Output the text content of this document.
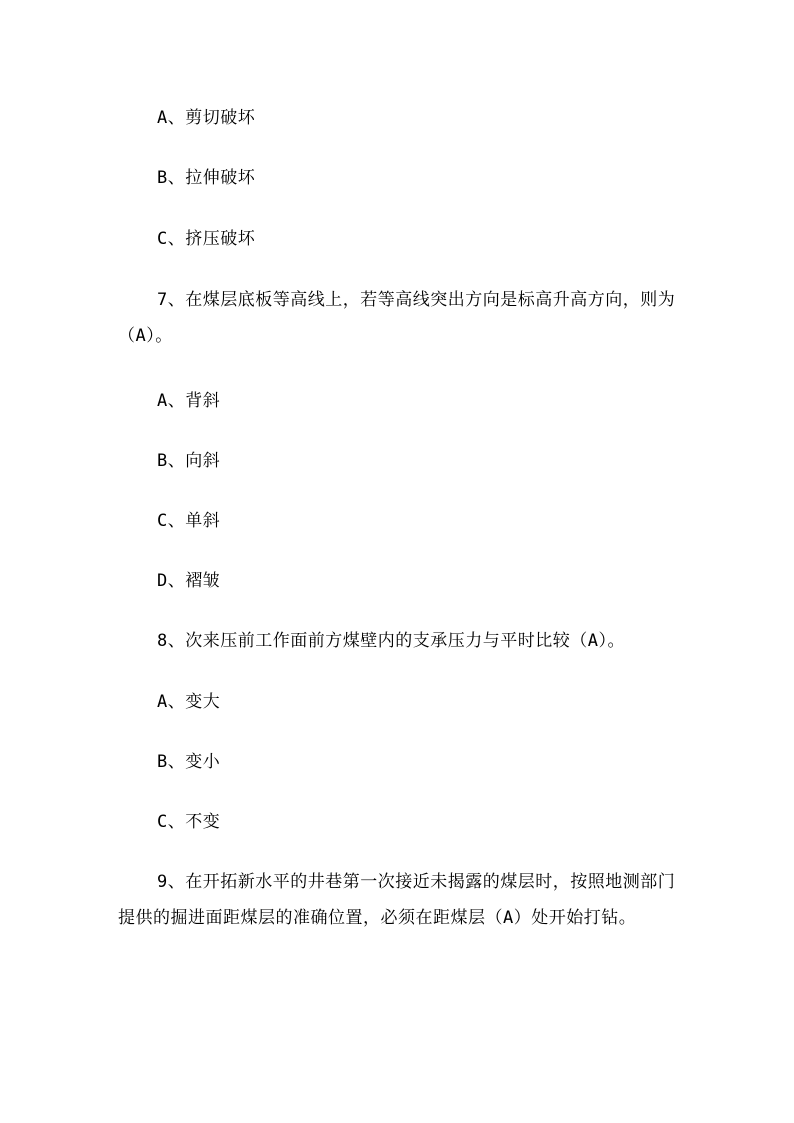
A、剪切破坏
B、拉伸破坏
C、挤压破坏
7、在煤层底板等高线上，若等高线突出方向是标高升高方向，则为（A）。
A、背斜
B、向斜
C、单斜
D、褶皱
8、次来压前工作面前方煤壁内的支承压力与平时比较（A）。
A、变大
B、变小
C、不变
9、在开拓新水平的井巷第一次接近未揭露的煤层时，按照地测部门提供的掘进面距煤层的准确位置，必须在距煤层（A）处开始打钻。
